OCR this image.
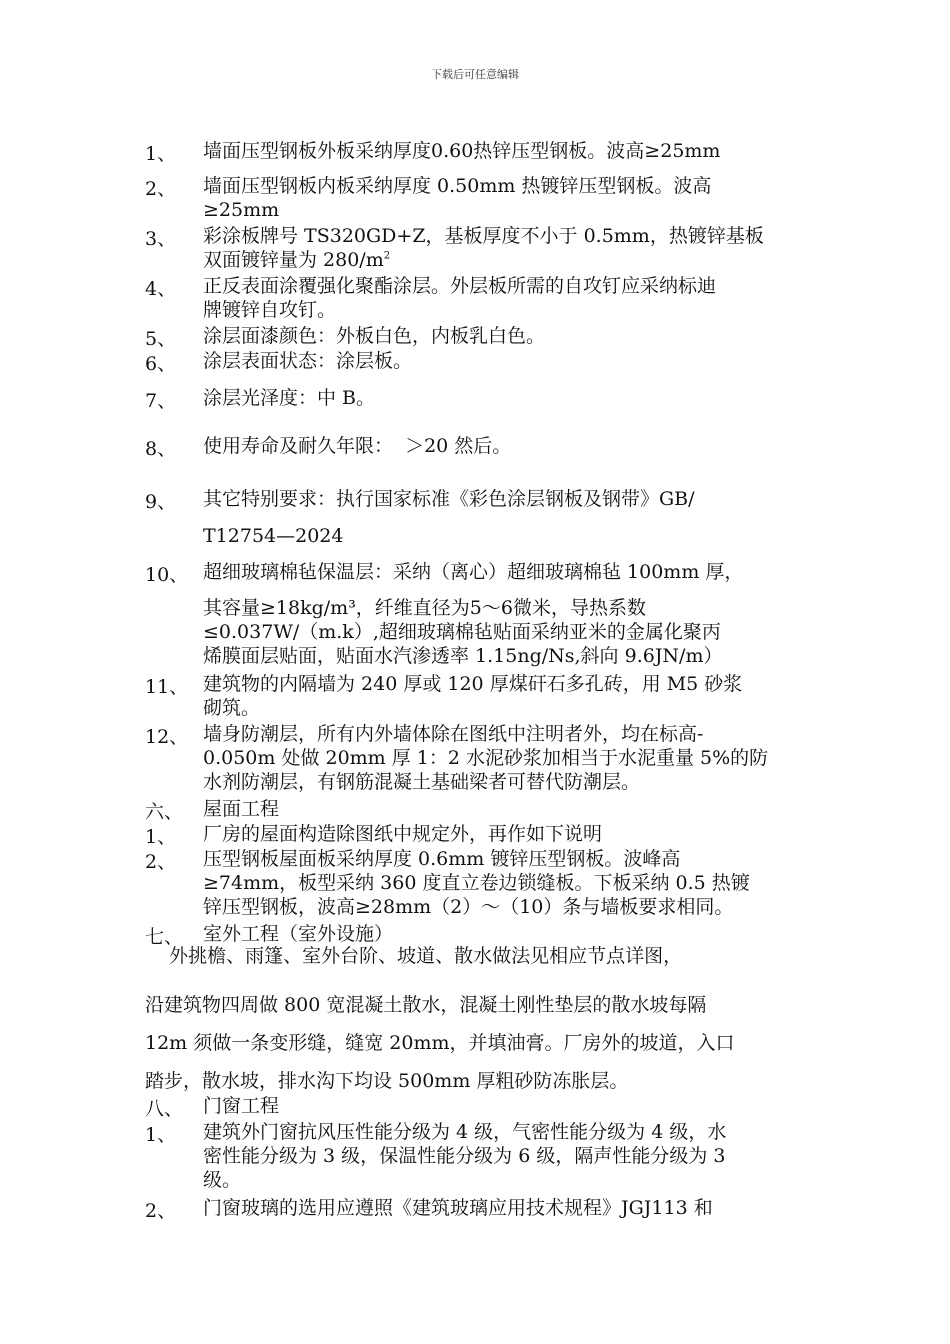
下载后可任意编辑
1、 墙面压型钢板外板采纳厚度0.60热锌压型钢板。波高≥25mm
2、 墙面压型钢板内板采纳厚度 0.50mm 热镀锌压型钢板。波高
≥25mm
3、 彩涂板牌号 TS320GD+Z，基板厚度不小于 0.5mm，热镀锌基板
双面镀锌量为 $280/m^2$
4、 正反表面涂覆强化聚酯涂层。外层板所需的自攻钉应采纳标迪
牌镀锌自攻钉。
5、 涂层面漆颜色：外板白色，内板乳白色。
6、 涂层表面状态：涂层板。
7、 涂层光泽度：中 B。
8、 使用寿命及耐久年限：  ＞20 然后。
9、 其它特别要求：执行国家标准《彩色涂层钢板及钢带》GB/
T12754—2024
10、 超细玻璃棉毡保温层：采纳（离心）超细玻璃棉毡 100mm 厚，
其容量≥18kg/m³，纤维直径为5～6微米，导热系数
≤0.037W/（m.k）,超细玻璃棉毡贴面采纳亚米的金属化聚丙
烯膜面层贴面，贴面水汽渗透率 1.15ng/Ns,斜向 9.6JN/m）
11、 建筑物的内隔墙为 240 厚或 120 厚煤矸石多孔砖，用 M5 砂浆
砌筑。
12、 墙身防潮层，所有内外墙体除在图纸中注明者外，均在标高-
0.050m 处做 20mm 厚 1：2 水泥砂浆加相当于水泥重量 5%的防
水剂防潮层，有钢筋混凝土基础梁者可替代防潮层。
六、 屋面工程
1、 厂房的屋面构造除图纸中规定外，再作如下说明
2、 压型钢板屋面板采纳厚度 0.6mm 镀锌压型钢板。波峰高
≥74mm，板型采纳 360 度直立卷边锁缝板。下板采纳 0.5 热镀
锌压型钢板，波高≥28mm（2）～（10）条与墙板要求相同。
七、 室外工程（室外设施）
八、 门窗工程
1、 建筑外门窗抗风压性能分级为 4 级，气密性能分级为 4 级，水
密性能分级为 3 级，保温性能分级为 6 级，隔声性能分级为 3
级。
2、 门窗玻璃的选用应遵照《建筑玻璃应用技术规程》JGJ113 和
外挑檐、雨篷、室外台阶、坡道、散水做法见相应节点详图，
沿建筑物四周做 800 宽混凝土散水，混凝土刚性垫层的散水坡每隔
12m 须做一条变形缝，缝宽 20mm，并填油膏。厂房外的坡道，入口
踏步，散水坡，排水沟下均设 500mm 厚粗砂防冻胀层。
